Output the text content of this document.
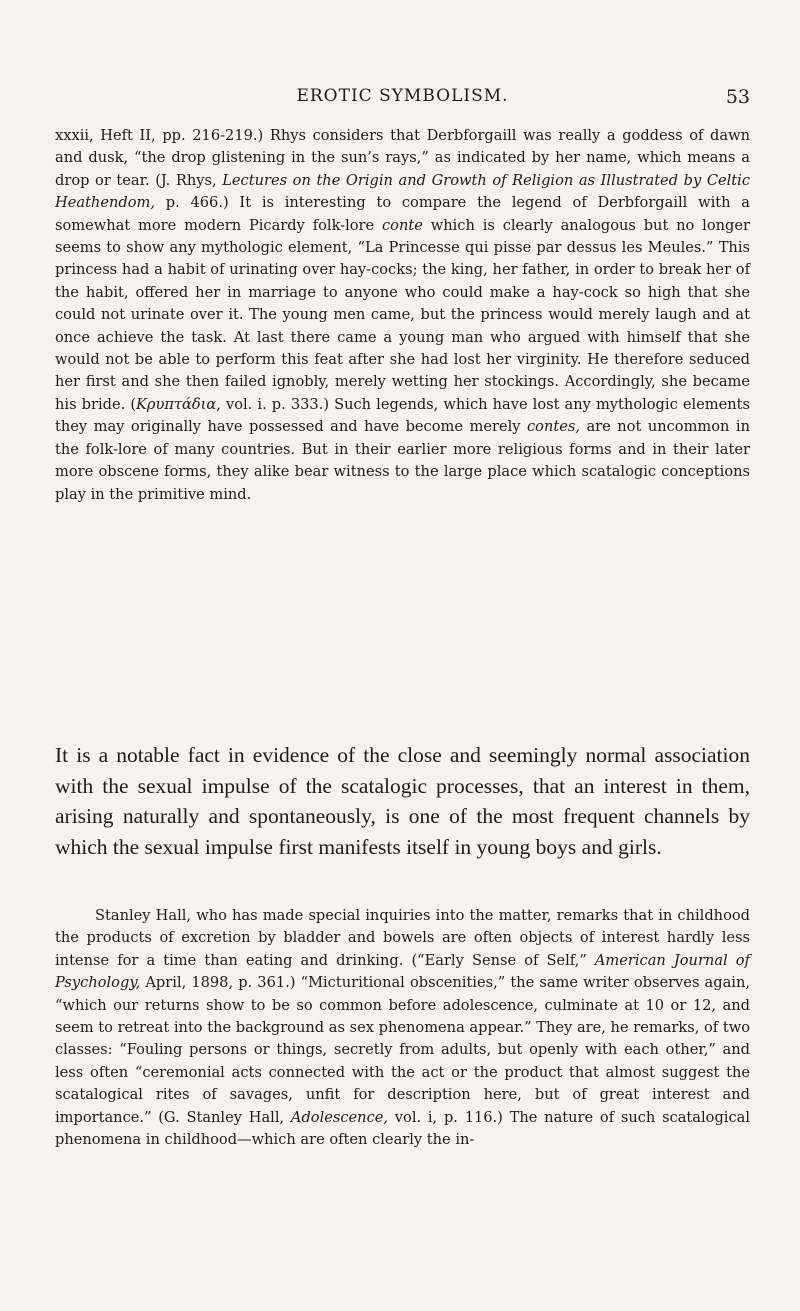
EROTIC SYMBOLISM.	53

xxxii, Heft II, pp. 216-219.) Rhys considers that Derbforgaill was really a goddess of dawn and dusk, “the drop glistening in the sun’s rays,” as indicated by her name, which means a drop or tear. (J. Rhys, Lectures on the Origin and Growth of Religion as Illustrated by Celtic Heathendom, p. 466.) It is interesting to compare the legend of Derbforgaill with a somewhat more modern Picardy folk-lore conte which is clearly analogous but no longer seems to show any mythologic element, “La Princesse qui pisse par dessus les Meules.” This princess had a habit of urinating over hay-cocks; the king, her father, in order to break her of the habit, offered her in marriage to anyone who could make a hay-cock so high that she could not urinate over it. The young men came, but the princess would merely laugh and at once achieve the task. At last there came a young man who argued with himself that she would not be able to perform this feat after she had lost her virginity. He therefore seduced her first and she then failed ignobly, merely wetting her stockings. Accordingly, she became his bride. (Κρυπτάδια, vol. i. p. 333.) Such legends, which have lost any mythologic elements they may originally have possessed and have become merely contes, are not uncommon in the folk-lore of many countries. But in their earlier more religious forms and in their later more obscene forms, they alike bear witness to the large place which scatalogic conceptions play in the primitive mind.

It is a notable fact in evidence of the close and seemingly normal association with the sexual impulse of the scatalogic processes, that an interest in them, arising naturally and spontaneously, is one of the most frequent channels by which the sexual impulse first manifests itself in young boys and girls.

Stanley Hall, who has made special inquiries into the matter, remarks that in childhood the products of excretion by bladder and bowels are often objects of interest hardly less intense for a time than eating and drinking. (“Early Sense of Self,” American Journal of Psychology, April, 1898, p. 361.) “Micturitional obscenities,” the same writer observes again, “which our returns show to be so common before adolescence, culminate at 10 or 12, and seem to retreat into the background as sex phenomena appear.” They are, he remarks, of two classes: “Fouling persons or things, secretly from adults, but openly with each other,” and less often “ceremonial acts connected with the act or the product that almost suggest the scatalogical rites of savages, unfit for description here, but of great interest and importance.” (G. Stanley Hall, Adolescence, vol. i, p. 116.) The nature of such scatalogical phenomena in childhood—which are often clearly the in-
